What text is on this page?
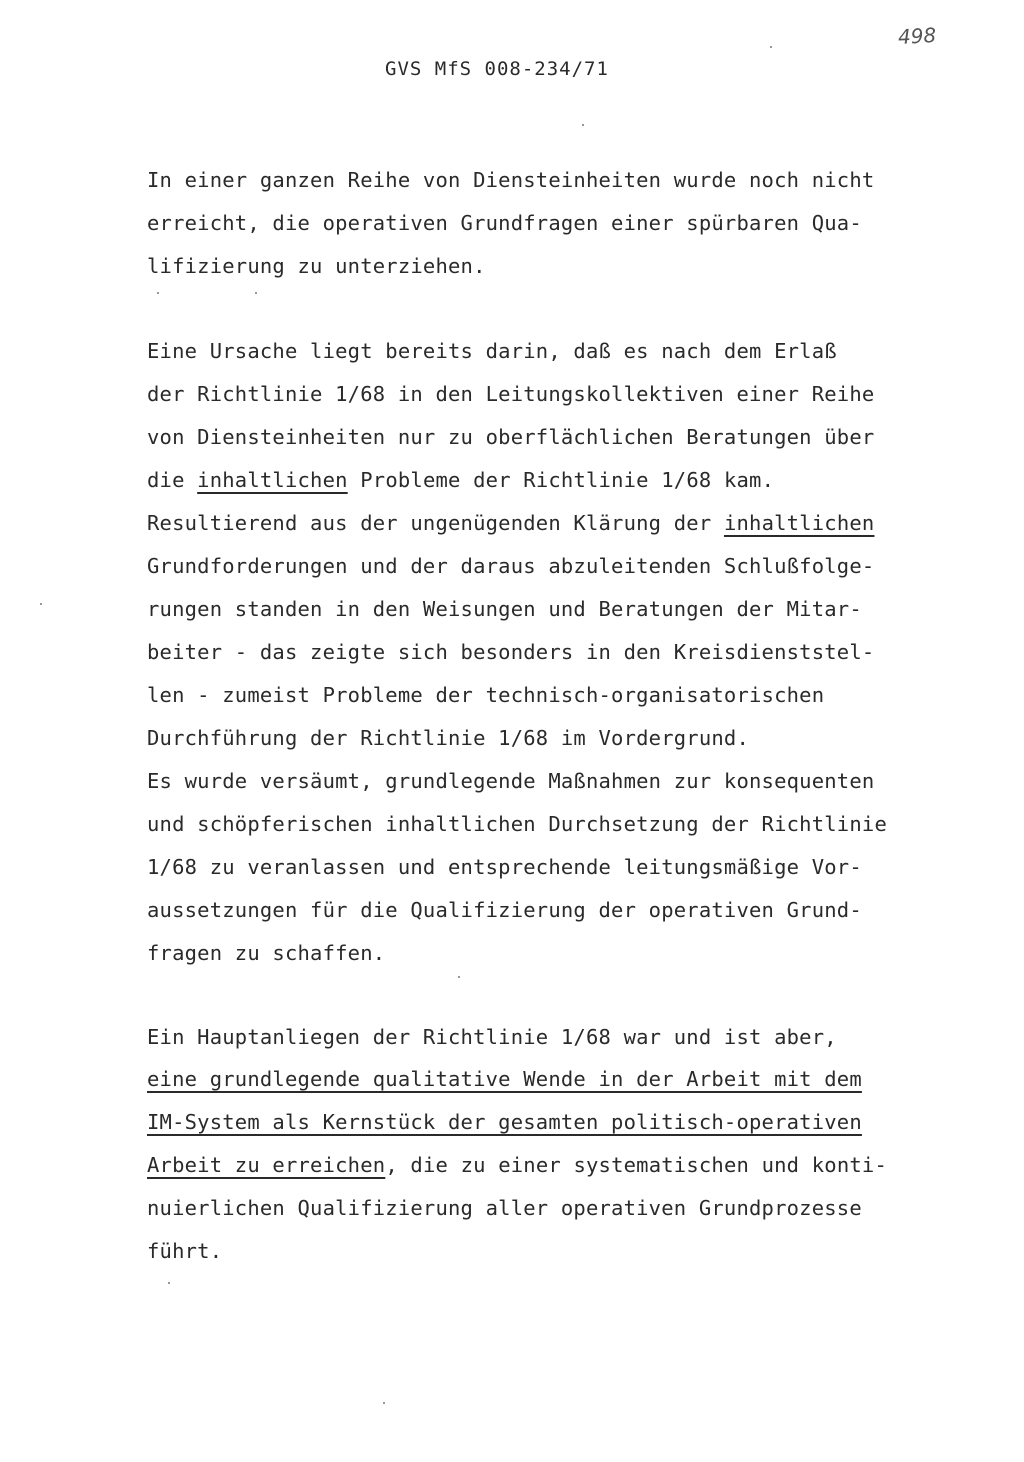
GVS MfS 008-234/71
498
In einer ganzen Reihe von Diensteinheiten wurde noch nicht
erreicht, die operativen Grundfragen einer spürbaren Qua-
lifizierung zu unterziehen.
Eine Ursache liegt bereits darin, daß es nach dem Erlaß
der Richtlinie 1/68 in den Leitungskollektiven einer Reihe
von Diensteinheiten nur zu oberflächlichen Beratungen über
die inhaltlichen Probleme der Richtlinie 1/68 kam.
Resultierend aus der ungenügenden Klärung der inhaltlichen
Grundforderungen und der daraus abzuleitenden Schlußfolge-
rungen standen in den Weisungen und Beratungen der Mitar-
beiter - das zeigte sich besonders in den Kreisdienststel-
len - zumeist Probleme der technisch-organisatorischen
Durchführung der Richtlinie 1/68 im Vordergrund.
Es wurde versäumt, grundlegende Maßnahmen zur konsequenten
und schöpferischen inhaltlichen Durchsetzung der Richtlinie
1/68 zu veranlassen und entsprechende leitungsmäßige Vor-
aussetzungen für die Qualifizierung der operativen Grund-
fragen zu schaffen.
Ein Hauptanliegen der Richtlinie 1/68 war und ist aber,
eine grundlegende qualitative Wende in der Arbeit mit dem
IM-System als Kernstück der gesamten politisch-operativen
Arbeit zu erreichen, die zu einer systematischen und konti-
nuierlichen Qualifizierung aller operativen Grundprozesse
führt.
